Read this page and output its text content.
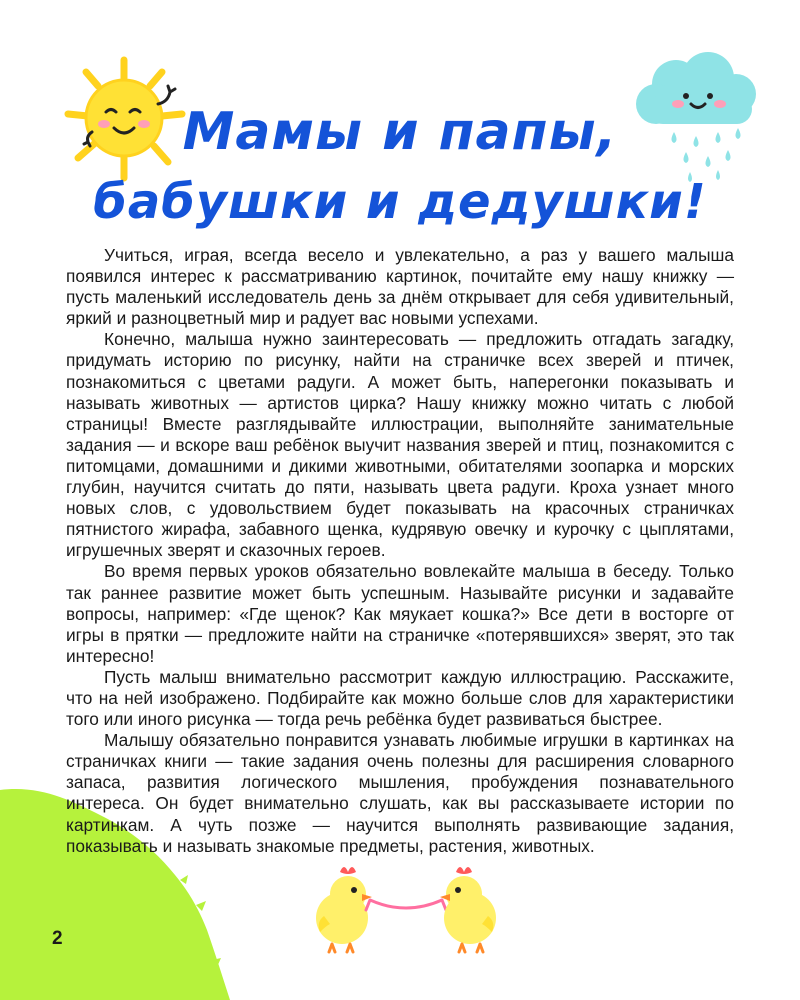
Мамы и папы,
бабушки и дедушки!

Учиться, играя, всегда весело и увлекательно, а раз у вашего малыша появился интерес к рассматриванию картинок, почитайте ему нашу книжку — пусть маленький исследователь день за днём открывает для себя удивительный, яркий и разноцветный мир и радует вас новыми успехами.

Конечно, малыша нужно заинтересовать — предложить отгадать загадку, придумать историю по рисунку, найти на страничке всех зверей и птичек, познакомиться с цветами радуги. А может быть, наперегонки показывать и называть животных — артистов цирка? Нашу книжку можно читать с любой страницы! Вместе разглядывайте иллюстрации, выполняйте занимательные задания — и вскоре ваш ребёнок выучит названия зверей и птиц, познакомится с питомцами, домашними и дикими животными, обитателями зоопарка и морских глубин, научится считать до пяти, называть цвета радуги. Кроха узнает много новых слов, с удовольствием будет показывать на красочных страничках пятнистого жирафа, забавного щенка, кудрявую овечку и курочку с цыплятами, игрушечных зверят и сказочных героев.

Во время первых уроков обязательно вовлекайте малыша в беседу. Только так раннее развитие может быть успешным. Называйте рисунки и задавайте вопросы, например: «Где щенок? Как мяукает кошка?» Все дети в восторге от игры в прятки — предложите найти на страничке «потерявшихся» зверят, это так интересно!

Пусть малыш внимательно рассмотрит каждую иллюстрацию. Расскажите, что на ней изображено. Подбирайте как можно больше слов для характеристики того или иного рисунка — тогда речь ребёнка будет развиваться быстрее.

Малышу обязательно понравится узнавать любимые игрушки в картинках на страничках книги — такие задания очень полезны для расширения словарного запаса, развития логического мышления, пробуждения познавательного интереса. Он будет внимательно слушать, как вы рассказываете истории по картинкам. А чуть позже — научится выполнять развивающие задания, показывать и называть знакомые предметы, растения, животных.

2
